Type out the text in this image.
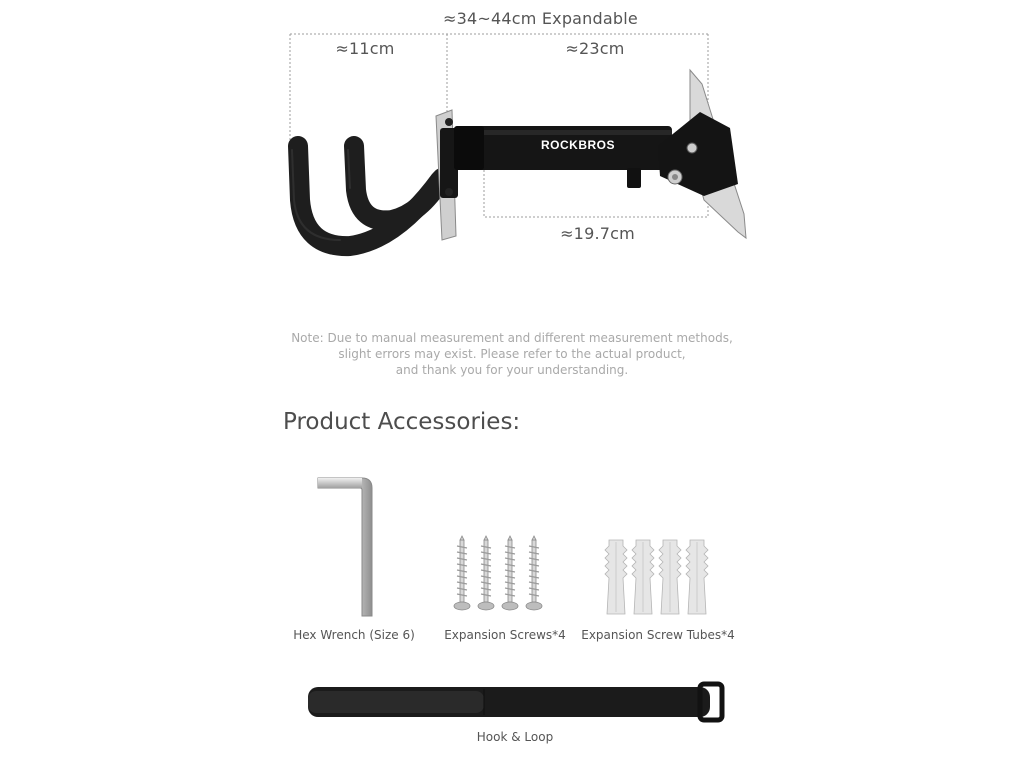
ROCKBROS
≈34~44cm Expandable
≈11cm	≈23cm
≈19.7cm
Note: Due to manual measurement and different measurement methods,
slight errors may exist. Please refer to the actual product,
and thank you for your understanding.
Product Accessories:
Hex Wrench (Size 6)	Expansion Screws*4	Expansion Screw Tubes*4
Hook & Loop
